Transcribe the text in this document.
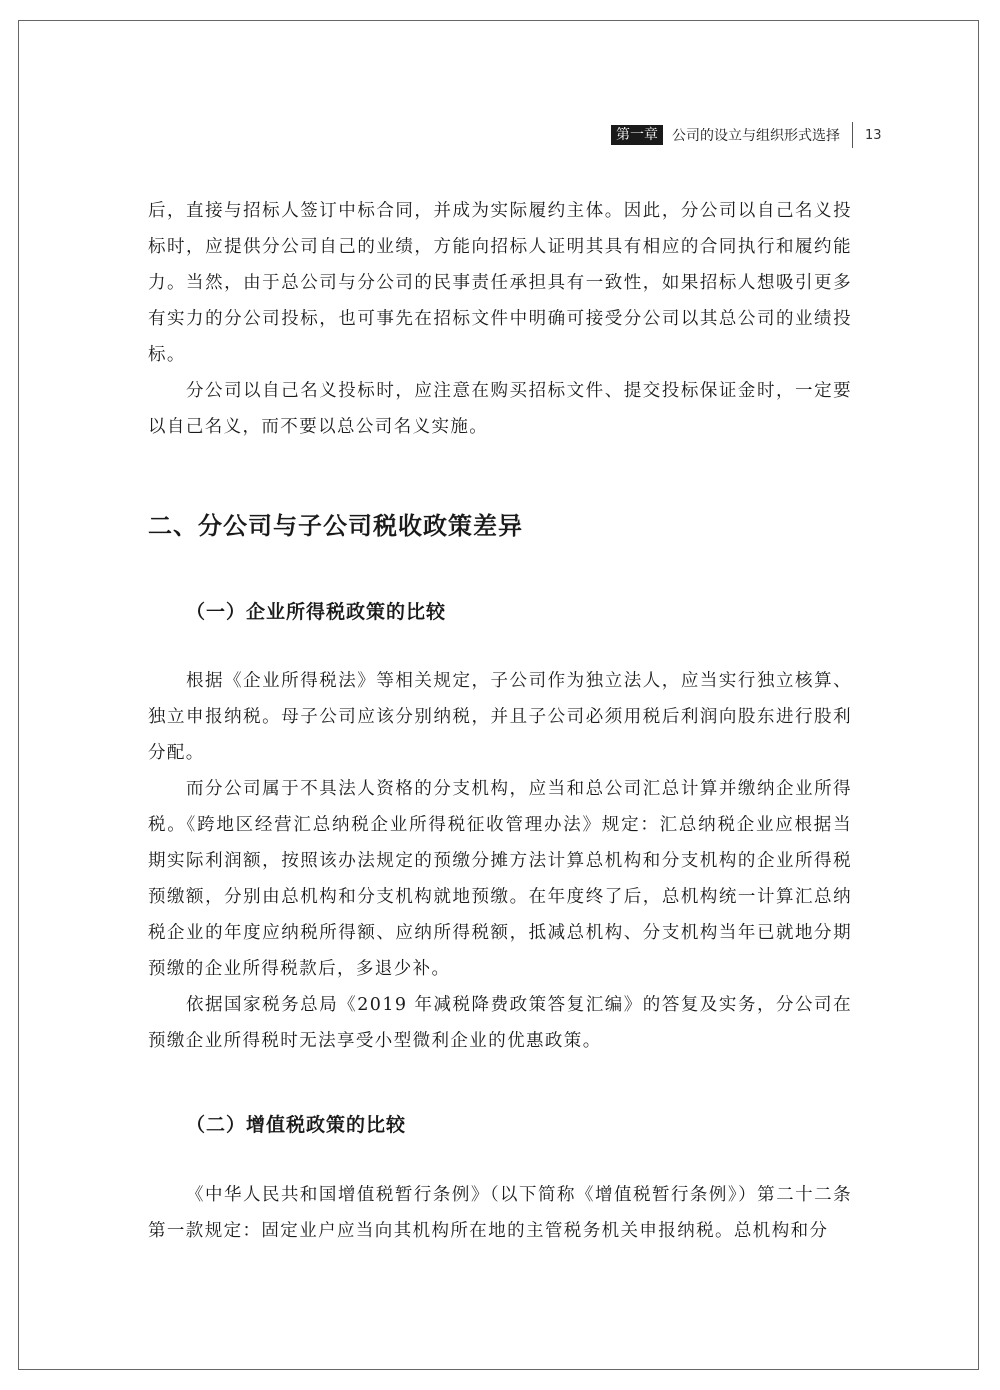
第一章	公司的设立与组织形式选择 13

后，直接与招标人签订中标合同，并成为实际履约主体。因此，分公司以自己名义投标时，应提供分公司自己的业绩，方能向招标人证明其具有相应的合同执行和履约能力。当然，由于总公司与分公司的民事责任承担具有一致性，如果招标人想吸引更多有实力的分公司投标，也可事先在招标文件中明确可接受分公司以其总公司的业绩投标。

分公司以自己名义投标时，应注意在购买招标文件、提交投标保证金时，一定要以自己名义，而不要以总公司名义实施。

二、分公司与子公司税收政策差异
（一）企业所得税政策的比较

根据《企业所得税法》等相关规定，子公司作为独立法人，应当实行独立核算、独立申报纳税。母子公司应该分别纳税，并且子公司必须用税后利润向股东进行股利分配。

而分公司属于不具法人资格的分支机构，应当和总公司汇总计算并缴纳企业所得税。《跨地区经营汇总纳税企业所得税征收管理办法》规定：汇总纳税企业应根据当期实际利润额，按照该办法规定的预缴分摊方法计算总机构和分支机构的企业所得税预缴额，分别由总机构和分支机构就地预缴。在年度终了后，总机构统一计算汇总纳税企业的年度应纳税所得额、应纳所得税额，抵减总机构、分支机构当年已就地分期预缴的企业所得税款后，多退少补。

依据国家税务总局《2019 年减税降费政策答复汇编》的答复及实务，分公司在预缴企业所得税时无法享受小型微利企业的优惠政策。

（二）增值税政策的比较

《中华人民共和国增值税暂行条例》（以下简称《增值税暂行条例》）第二十二条第一款规定：固定业户应当向其机构所在地的主管税务机关申报纳税。总机构和分
